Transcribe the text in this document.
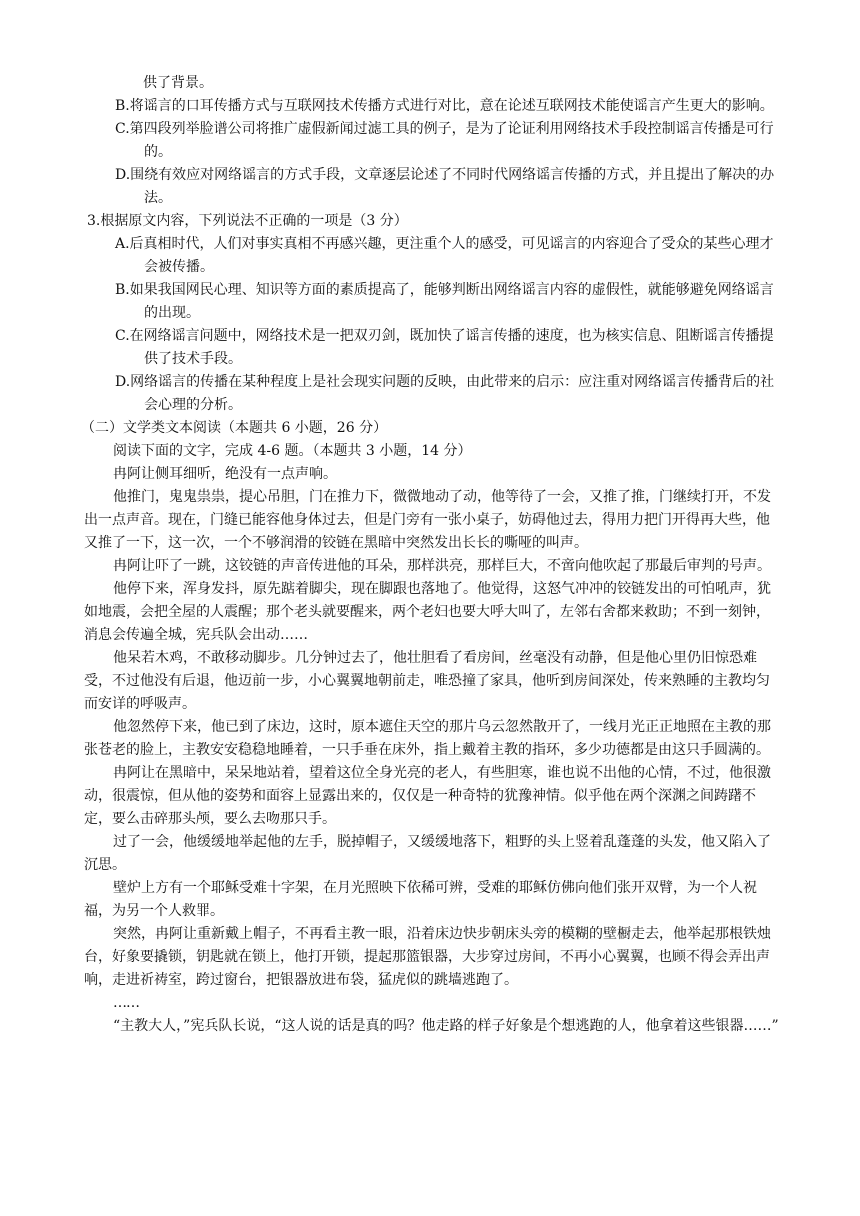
供了背景。

B.将谣言的口耳传播方式与互联网技术传播方式进行对比，意在论述互联网技术能使谣言产生更大的影响。

C.第四段列举脸谱公司将推广虚假新闻过滤工具的例子，是为了论证利用网络技术手段控制谣言传播是可行的。

D.围绕有效应对网络谣言的方式手段，文章逐层论述了不同时代网络谣言传播的方式，并且提出了解决的办法。

3.根据原文内容，下列说法不正确的一项是（3 分）

A.后真相时代，人们对事实真相不再感兴趣，更注重个人的感受，可见谣言的内容迎合了受众的某些心理才会被传播。

B.如果我国网民心理、知识等方面的素质提高了，能够判断出网络谣言内容的虚假性，就能够避免网络谣言的出现。

C.在网络谣言问题中，网络技术是一把双刃剑，既加快了谣言传播的速度，也为核实信息、阻断谣言传播提供了技术手段。

D.网络谣言的传播在某种程度上是社会现实问题的反映，由此带来的启示：应注重对网络谣言传播背后的社会心理的分析。

（二）文学类文本阅读（本题共 6 小题，26 分）

阅读下面的文字，完成 4-6 题。（本题共 3 小题，14 分）

冉阿让侧耳细听，绝没有一点声响。

他推门，鬼鬼祟祟，提心吊胆，门在推力下，微微地动了动，他等待了一会，又推了推，门继续打开，不发出一点声音。现在，门缝已能容他身体过去，但是门旁有一张小桌子，妨碍他过去，得用力把门开得再大些，他又推了一下，这一次，一个不够润滑的铰链在黑暗中突然发出长长的嘶哑的叫声。

冉阿让吓了一跳，这铰链的声音传进他的耳朵，那样洪亮，那样巨大，不啻向他吹起了那最后审判的号声。

他停下来，浑身发抖，原先踮着脚尖，现在脚跟也落地了。他觉得，这怒气冲冲的铰链发出的可怕吼声，犹如地震，会把全屋的人震醒；那个老头就要醒来，两个老妇也要大呼大叫了，左邻右舍都来救助；不到一刻钟，消息会传遍全城，宪兵队会出动……

他呆若木鸡，不敢移动脚步。几分钟过去了，他壮胆看了看房间，丝毫没有动静，但是他心里仍旧惊恐难受，不过他没有后退，他迈前一步，小心翼翼地朝前走，唯恐撞了家具，他听到房间深处，传来熟睡的主教均匀而安详的呼吸声。

他忽然停下来，他已到了床边，这时，原本遮住天空的那片乌云忽然散开了，一线月光正正地照在主教的那张苍老的脸上，主教安安稳稳地睡着，一只手垂在床外，指上戴着主教的指环，多少功德都是由这只手圆满的。

冉阿让在黑暗中，呆呆地站着，望着这位全身光亮的老人，有些胆寒，谁也说不出他的心情，不过，他很激动，很震惊，但从他的姿势和面容上显露出来的，仅仅是一种奇特的犹豫神情。似乎他在两个深渊之间踌躇不定，要么击碎那头颅，要么去吻那只手。

过了一会，他缓缓地举起他的左手，脱掉帽子，又缓缓地落下，粗野的头上竖着乱蓬蓬的头发，他又陷入了沉思。

壁炉上方有一个耶稣受难十字架，在月光照映下依稀可辨，受难的耶稣仿佛向他们张开双臂，为一个人祝福，为另一个人救罪。

突然，冉阿让重新戴上帽子，不再看主教一眼，沿着床边快步朝床头旁的模糊的壁橱走去，他举起那根铁烛台，好象要撬锁，钥匙就在锁上，他打开锁，提起那篮银器，大步穿过房间，不再小心翼翼，也顾不得会弄出声响，走进祈祷室，跨过窗台，把银器放进布袋，猛虎似的跳墙逃跑了。

……

“主教大人，”宪兵队长说，“这人说的话是真的吗？他走路的样子好象是个想逃跑的人，他拿着这些银器……”
